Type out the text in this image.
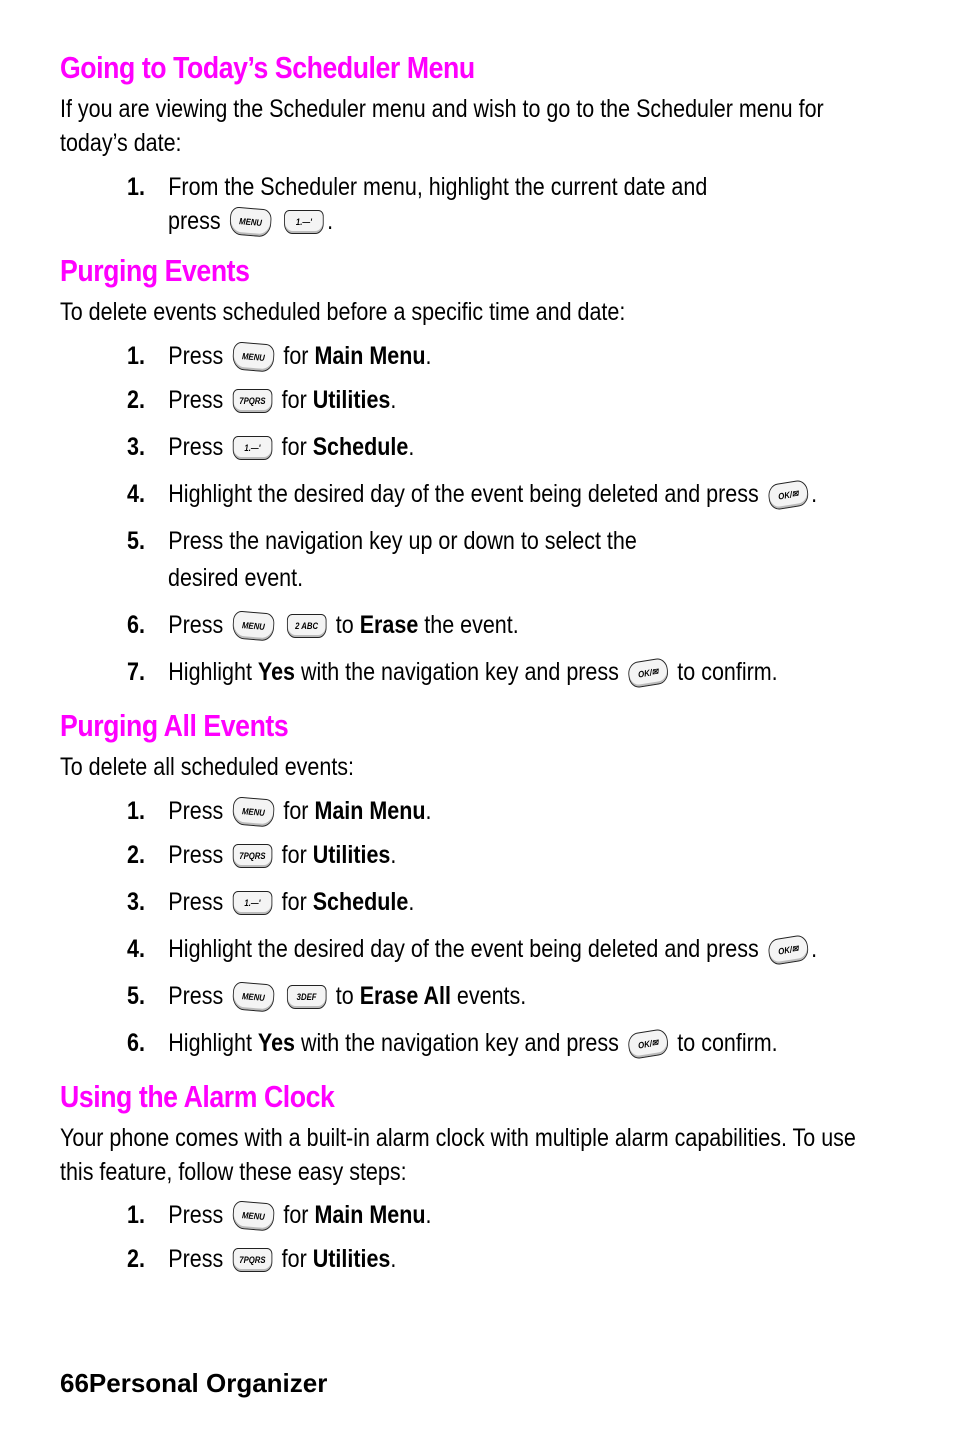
Going to Today’s Scheduler Menu

If you are viewing the Scheduler menu and wish to go to the Scheduler menu for today’s date:

1. From the Scheduler menu, highlight the current date and
press	MENU
	1.—' .
Purging Events

To delete events scheduled before a specific time and date:

1. Press	MENU for Main Menu.
2. Press	7PQRS for Utilities.
3. Press	1.—' for Schedule.
4. Highlight the desired day of the event being deleted and press	OK/✉ .
5. Press the navigation key up or down to select the
desired event.
6. Press	MENU
	2 ABC to Erase the event.
7. Highlight Yes with the navigation key and press	OK/✉ to confirm.
Purging All Events

To delete all scheduled events:

1. Press	MENU for Main Menu.
2. Press	7PQRS for Utilities.
3. Press	1.—' for Schedule.
4. Highlight the desired day of the event being deleted and press	OK/✉ .
5. Press	MENU
	3DEF to Erase All events.
6. Highlight Yes with the navigation key and press	OK/✉ to confirm.
Using the Alarm Clock

Your phone comes with a built-in alarm clock with multiple alarm capabilities. To use this feature, follow these easy steps:

1. Press	MENU for Main Menu.
2. Press	7PQRS for Utilities.

66Personal Organizer
